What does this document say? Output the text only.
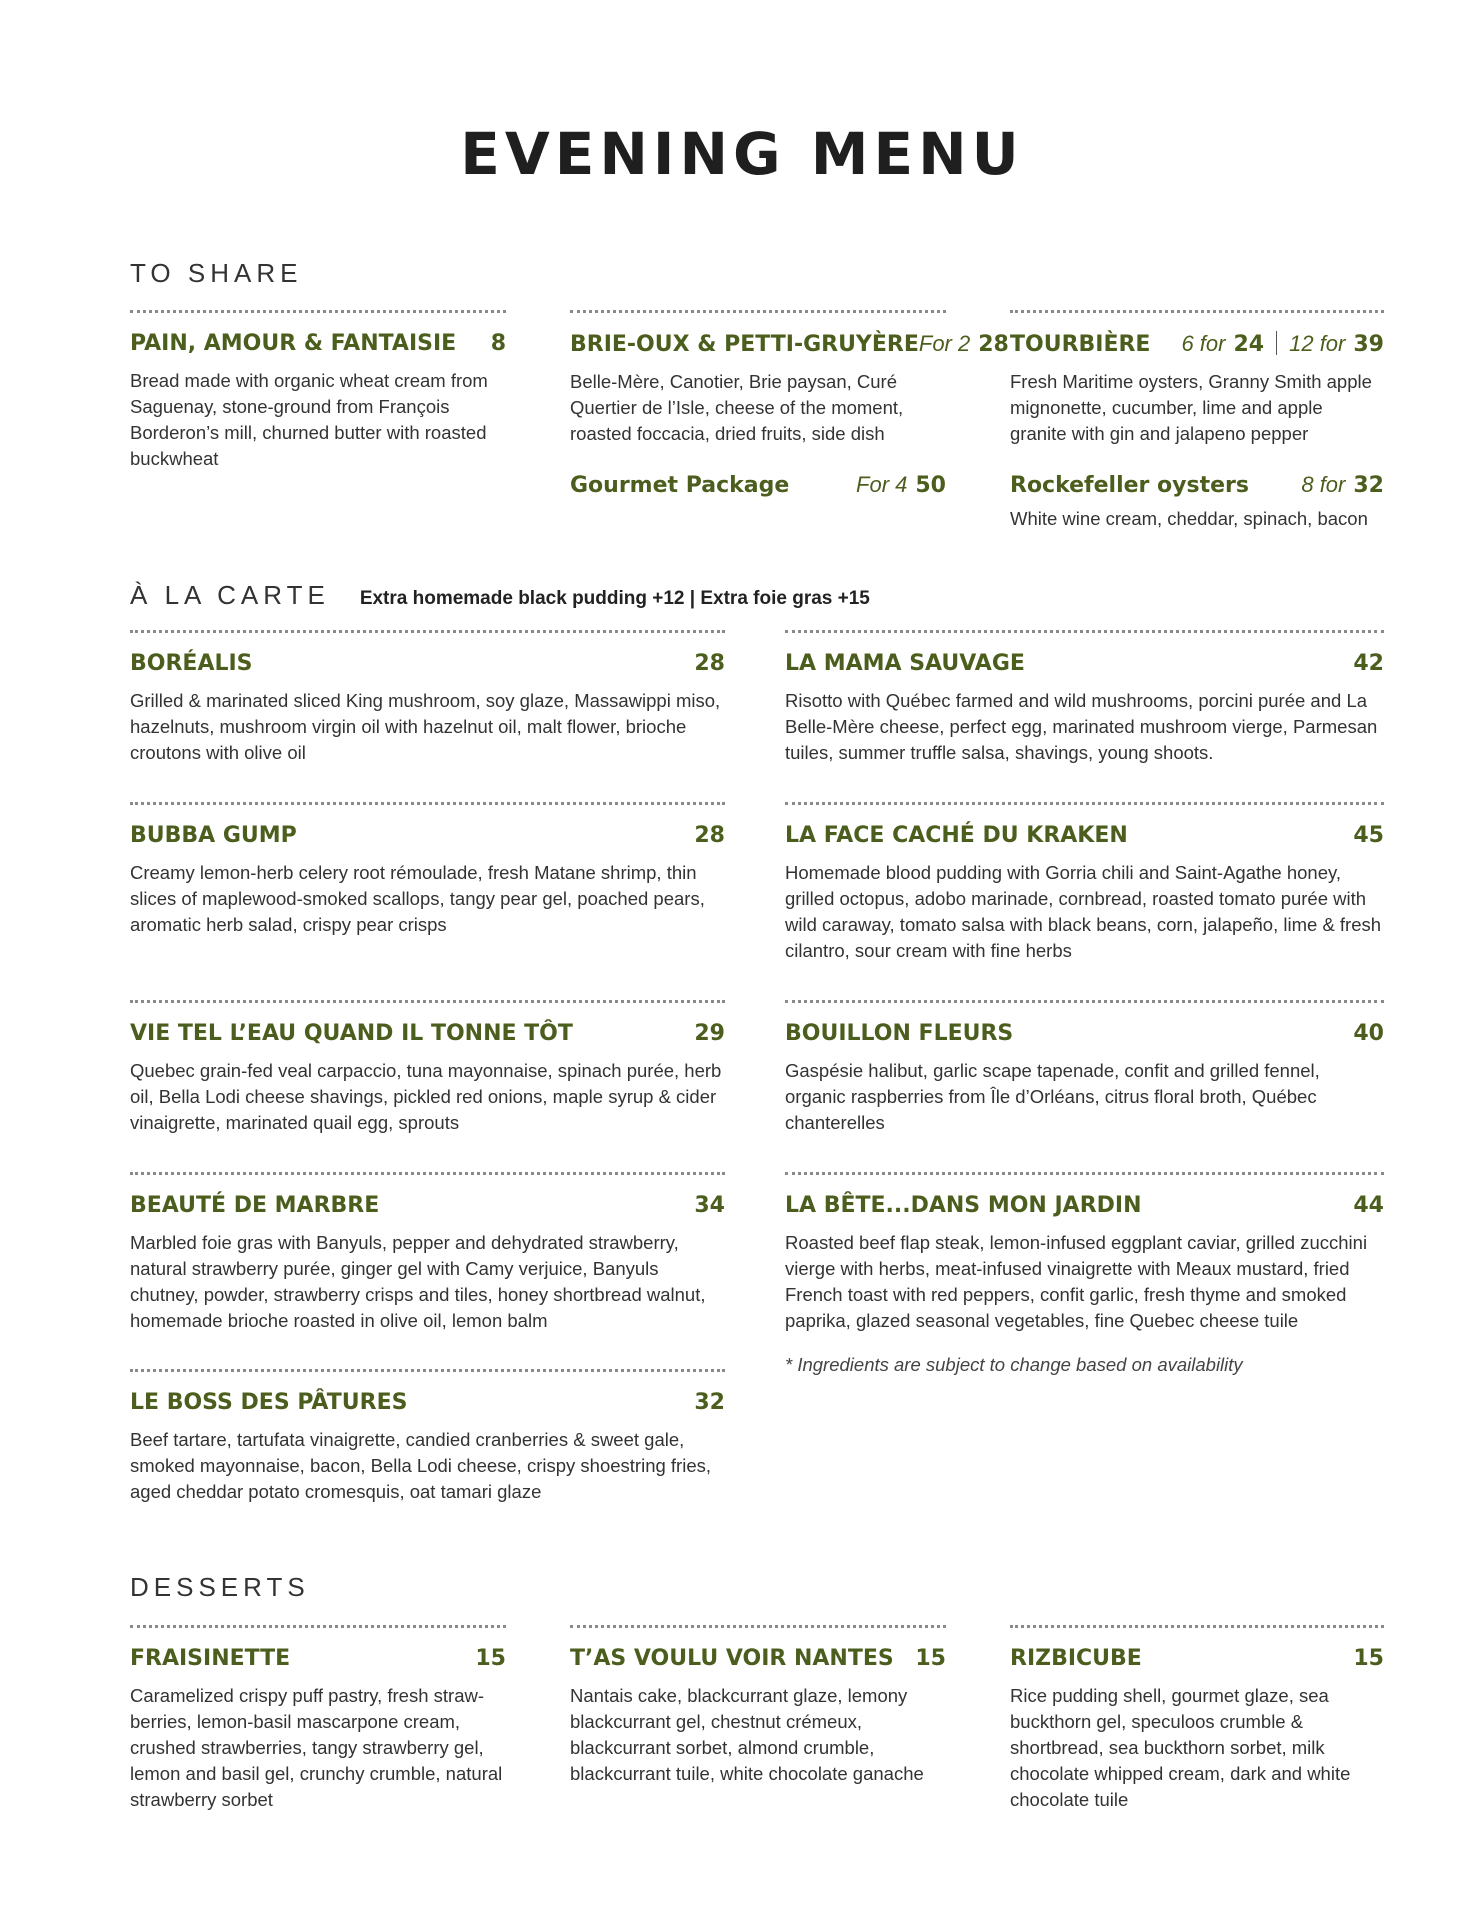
EVENING MENU
TO SHARE
PAIN, AMOUR & FANTAISIE 8
Bread made with organic wheat cream from Saguenay, stone-ground from François Borderon’s mill, churned butter with roasted buckwheat
BRIE-OUX & PETTI-GRUYÈRE For 2 28
Belle-Mère, Canotier, Brie paysan, Curé Quertier de l’Isle, cheese of the moment, roasted foccacia, dried fruits, side dish
Gourmet Package	For 4 50
TOURBIÈRE 6 for 24 12 for 39
Fresh Maritime oysters, Granny Smith apple mignonette, cucumber, lime and apple granite with gin and jalapeno pepper
Rockefeller oysters 8 for 32
White wine cream, cheddar, spinach, bacon
À LA CARTE Extra homemade black pudding +12 | Extra foie gras +15
BORÉALIS	28
Grilled & marinated sliced King mushroom, soy glaze, Massawippi miso, hazelnuts, mushroom virgin oil with hazelnut oil, malt flower, brioche croutons with olive oil
BUBBA GUMP	28
Creamy lemon-herb celery root rémoulade, fresh Matane shrimp, thin slices of maplewood-smoked scallops, tangy pear gel, poached pears, aromatic herb salad, crispy pear crisps
VIE TEL L’EAU QUAND IL TONNE TÔT	29
Quebec grain-fed veal carpaccio, tuna mayonnaise, spinach purée, herb oil, Bella Lodi cheese shavings, pickled red onions, maple syrup & cider vinaigrette, marinated quail egg, sprouts
BEAUTÉ DE MARBRE	34
Marbled foie gras with Banyuls, pepper and dehydrated strawberry, natural strawberry purée, ginger gel with Camy verjuice, Banyuls chutney, powder, strawberry crisps and tiles, honey shortbread walnut, homemade brioche roasted in olive oil, lemon balm
LE BOSS DES PÂTURES	32
Beef tartare, tartufata vinaigrette, candied cranberries & sweet gale, smoked mayonnaise, bacon, Bella Lodi cheese, crispy shoestring fries, aged cheddar potato cromesquis, oat tamari glaze
LA MAMA SAUVAGE	42
Risotto with Québec farmed and wild mushrooms, porcini purée and La Belle-Mère cheese, perfect egg, marinated mushroom vierge, Parmesan tuiles, summer truffle salsa, shavings, young shoots.
LA FACE CACHÉ DU KRAKEN	45
Homemade blood pudding with Gorria chili and Saint-Agathe honey, grilled octopus, adobo marinade, cornbread, roasted tomato purée with wild caraway, tomato salsa with black beans, corn, jalapeño, lime & fresh cilantro, sour cream with fine herbs
BOUILLON FLEURS	40
Gaspésie halibut, garlic scape tapenade, confit and grilled fennel, organic raspberries from Île d’Orléans, citrus floral broth, Québec chanterelles
LA BÊTE...DANS MON JARDIN	44
Roasted beef flap steak, lemon-infused eggplant caviar, grilled zucchini vierge with herbs, meat-infused vinaigrette with Meaux mustard, fried French toast with red peppers, confit garlic, fresh thyme and smoked paprika, glazed seasonal vegetables, fine Quebec cheese tuile
* Ingredients are subject to change based on availability
DESSERTS
FRAISINETTE	15
Caramelized crispy puff pastry, fresh straw-berries, lemon-basil mascarpone cream, crushed strawberries, tangy strawberry gel, lemon and basil gel, crunchy crumble, natural strawberry sorbet
T’AS VOULU VOIR NANTES 15
Nantais cake, blackcurrant glaze, lemony blackcurrant gel, chestnut crémeux, blackcurrant sorbet, almond crumble, blackcurrant tuile, white chocolate ganache
RIZBICUBE	15
Rice pudding shell, gourmet glaze, sea buckthorn gel, speculoos crumble & shortbread, sea buckthorn sorbet, milk chocolate whipped cream, dark and white chocolate tuile
